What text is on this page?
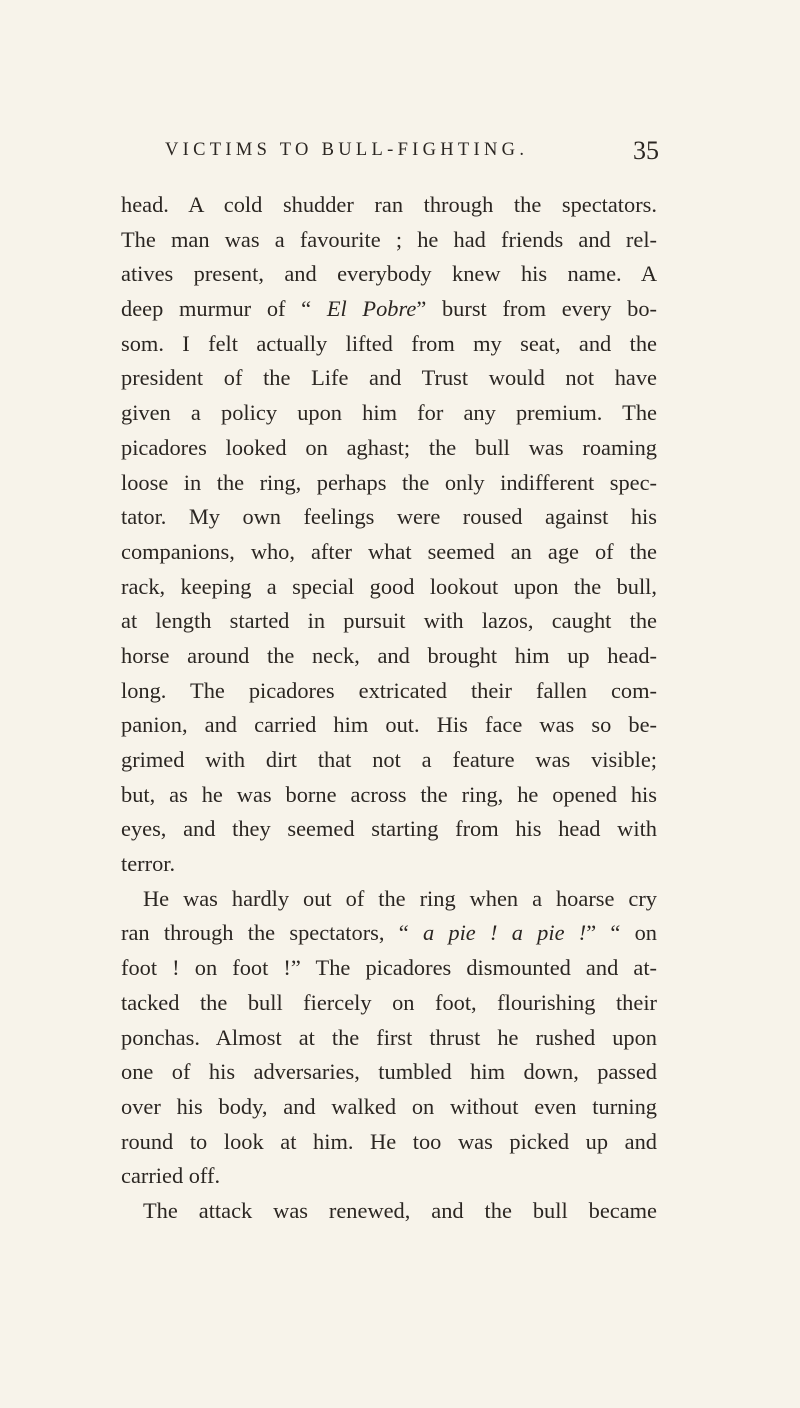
VICTIMS TO BULL-FIGHTING.	35
head. A cold shudder ran through the spectators.
The man was a favourite ; he had friends and rel-
atives present, and everybody knew his name. A
deep murmur of “ El Pobre” burst from every bo-
som. I felt actually lifted from my seat, and the
president of the Life and Trust would not have
given a policy upon him for any premium. The
picadores looked on aghast; the bull was roaming
loose in the ring, perhaps the only indifferent spec-
tator. My own feelings were roused against his
companions, who, after what seemed an age of the
rack, keeping a special good lookout upon the bull,
at length started in pursuit with lazos, caught the
horse around the neck, and brought him up head-
long. The picadores extricated their fallen com-
panion, and carried him out. His face was so be-
grimed with dirt that not a feature was visible;
but, as he was borne across the ring, he opened his
eyes, and they seemed starting from his head with
terror.
He was hardly out of the ring when a hoarse cry
ran through the spectators, “ a pie ! a pie !” “ on
foot ! on foot !” The picadores dismounted and at-
tacked the bull fiercely on foot, flourishing their
ponchas. Almost at the first thrust he rushed upon
one of his adversaries, tumbled him down, passed
over his body, and walked on without even turning
round to look at him. He too was picked up and
carried off.
The attack was renewed, and the bull became
